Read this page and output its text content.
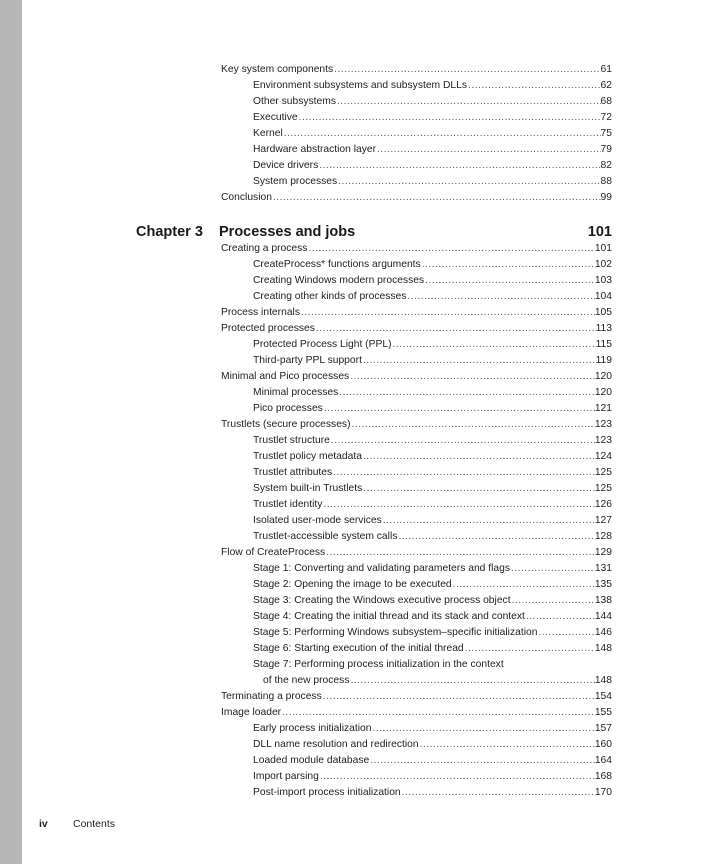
Key system components . . .	61
Environment subsystems and subsystem DLLs . . .	62
Other subsystems . . .	68
Executive . . .	72
Kernel . . .	75
Hardware abstraction layer . . .	79
Device drivers . . .	82
System processes . . .	88
Conclusion . . .	99
Chapter 3 Processes and jobs	101
Creating a process . . .	101
CreateProcess* functions arguments . . .	102
Creating Windows modern processes . . .	103
Creating other kinds of processes . . .	104
Process internals . . .	105
Protected processes . . .	113
Protected Process Light (PPL) . . .	115
Third-party PPL support . . .	119
Minimal and Pico processes . . .	120
Minimal processes . . .	120
Pico processes . . .	121
Trustlets (secure processes) . . .	123
Trustlet structure . . .	123
Trustlet policy metadata . . .	124
Trustlet attributes . . .	125
System built-in Trustlets . . .	125
Trustlet identity . . .	126
Isolated user-mode services . . .	127
Trustlet-accessible system calls . . .	128
Flow of CreateProcess . . .	129
Stage 1: Converting and validating parameters and flags . . .	131
Stage 2: Opening the image to be executed . . .	135
Stage 3: Creating the Windows executive process object . . .	138
Stage 4: Creating the initial thread and its stack and context . . .	144
Stage 5: Performing Windows subsystem–specific initialization . . .	146
Stage 6: Starting execution of the initial thread . . .	148
Stage 7: Performing process initialization in the context
of the new process . . .	148
Terminating a process . . .	154
Image loader . . .	155
Early process initialization . . .	157
DLL name resolution and redirection . . .	160
Loaded module database . . .	164
Import parsing . . .	168
Post-import process initialization . . .	170
iv Contents
